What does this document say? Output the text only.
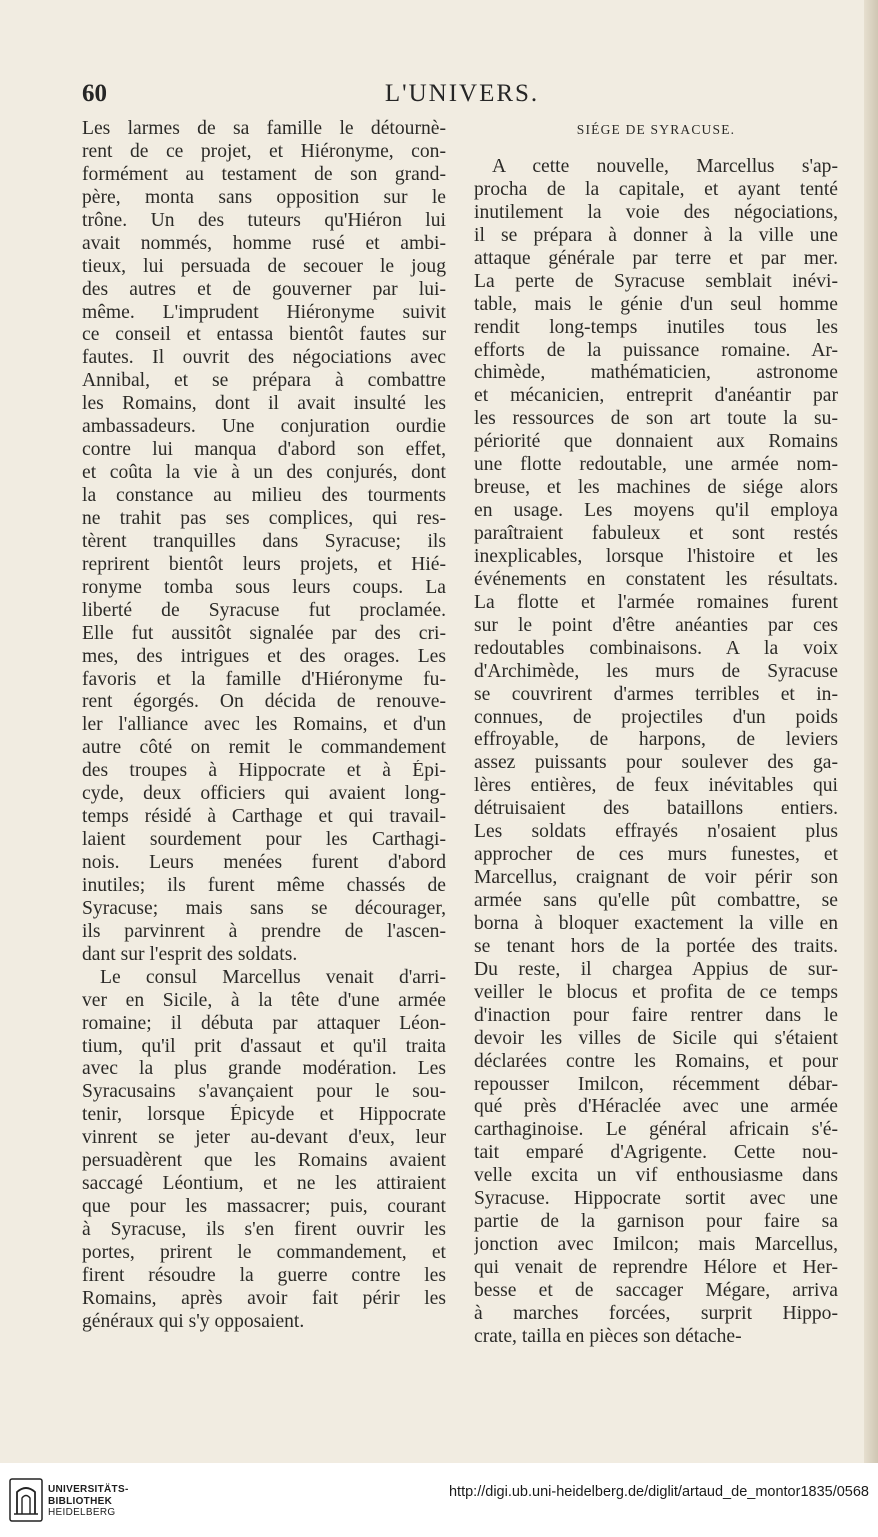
60	L'UNIVERS.
Les larmes de sa famille le détournè-
rent de ce projet, et Hiéronyme, con-
formément au testament de son grand-
père, monta sans opposition sur le
trône. Un des tuteurs qu'Hiéron lui
avait nommés, homme rusé et ambi-
tieux, lui persuada de secouer le joug
des autres et de gouverner par lui-
même. L'imprudent Hiéronyme suivit
ce conseil et entassa bientôt fautes sur
fautes. Il ouvrit des négociations avec
Annibal, et se prépara à combattre
les Romains, dont il avait insulté les
ambassadeurs. Une conjuration ourdie
contre lui manqua d'abord son effet,
et coûta la vie à un des conjurés, dont
la constance au milieu des tourments
ne trahit pas ses complices, qui res-
tèrent tranquilles dans Syracuse; ils
reprirent bientôt leurs projets, et Hié-
ronyme tomba sous leurs coups. La
liberté de Syracuse fut proclamée.
Elle fut aussitôt signalée par des cri-
mes, des intrigues et des orages. Les
favoris et la famille d'Hiéronyme fu-
rent égorgés. On décida de renouve-
ler l'alliance avec les Romains, et d'un
autre côté on remit le commandement
des troupes à Hippocrate et à Épi-
cyde, deux officiers qui avaient long-
temps résidé à Carthage et qui travail-
laient sourdement pour les Carthagi-
nois. Leurs menées furent d'abord
inutiles; ils furent même chassés de
Syracuse; mais sans se décourager,
ils parvinrent à prendre de l'ascen-
dant sur l'esprit des soldats.
Le consul Marcellus venait d'arri-
ver en Sicile, à la tête d'une armée
romaine; il débuta par attaquer Léon-
tium, qu'il prit d'assaut et qu'il traita
avec la plus grande modération. Les
Syracusains s'avançaient pour le sou-
tenir, lorsque Épicyde et Hippocrate
vinrent se jeter au-devant d'eux, leur
persuadèrent que les Romains avaient
saccagé Léontium, et ne les attiraient
que pour les massacrer; puis, courant
à Syracuse, ils s'en firent ouvrir les
portes, prirent le commandement, et
firent résoudre la guerre contre les
Romains, après avoir fait périr les
généraux qui s'y opposaient.
SIÉGE DE SYRACUSE.
A cette nouvelle, Marcellus s'ap-
procha de la capitale, et ayant tenté
inutilement la voie des négociations,
il se prépara à donner à la ville une
attaque générale par terre et par mer.
La perte de Syracuse semblait inévi-
table, mais le génie d'un seul homme
rendit long-temps inutiles tous les
efforts de la puissance romaine. Ar-
chimède, mathématicien, astronome
et mécanicien, entreprit d'anéantir par
les ressources de son art toute la su-
périorité que donnaient aux Romains
une flotte redoutable, une armée nom-
breuse, et les machines de siége alors
en usage. Les moyens qu'il employa
paraîtraient fabuleux et sont restés
inexplicables, lorsque l'histoire et les
événements en constatent les résultats.
La flotte et l'armée romaines furent
sur le point d'être anéanties par ces
redoutables combinaisons. A la voix
d'Archimède, les murs de Syracuse
se couvrirent d'armes terribles et in-
connues, de projectiles d'un poids
effroyable, de harpons, de leviers
assez puissants pour soulever des ga-
lères entières, de feux inévitables qui
détruisaient des bataillons entiers.
Les soldats effrayés n'osaient plus
approcher de ces murs funestes, et
Marcellus, craignant de voir périr son
armée sans qu'elle pût combattre, se
borna à bloquer exactement la ville en
se tenant hors de la portée des traits.
Du reste, il chargea Appius de sur-
veiller le blocus et profita de ce temps
d'inaction pour faire rentrer dans le
devoir les villes de Sicile qui s'étaient
déclarées contre les Romains, et pour
repousser Imilcon, récemment débar-
qué près d'Héraclée avec une armée
carthaginoise. Le général africain s'é-
tait emparé d'Agrigente. Cette nou-
velle excita un vif enthousiasme dans
Syracuse. Hippocrate sortit avec une
partie de la garnison pour faire sa
jonction avec Imilcon; mais Marcellus,
qui venait de reprendre Hélore et Her-
besse et de saccager Mégare, arriva
à marches forcées, surprit Hippo-
crate, tailla en pièces son détache-
UNIVERSITÄTS-
BIBLIOTHEK
HEIDELBERG
http://digi.ub.uni-heidelberg.de/diglit/artaud_de_montor1835/0568
